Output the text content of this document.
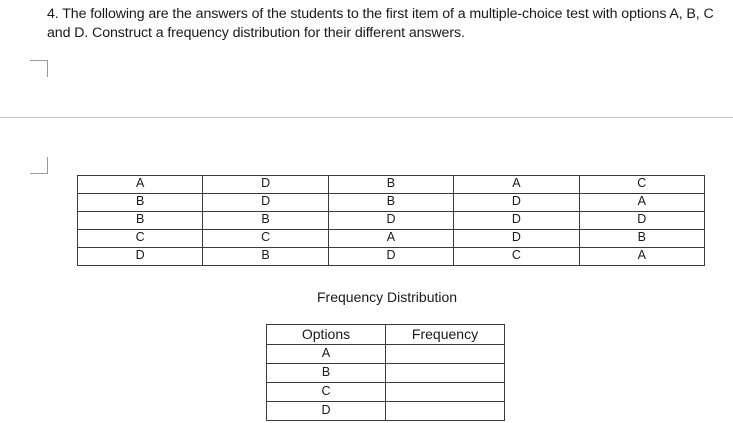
4. The following are the answers of the students to the first item of a multiple-choice test with options A, B, C and D. Construct a frequency distribution for their different answers.
A	D	B	A	C
B	D	B	D	A
B	B	D	D	D
C	C	A	D	B
D	B	D	C	A
Frequency Distribution
Options	Frequency
A	
B	
C	
D	
